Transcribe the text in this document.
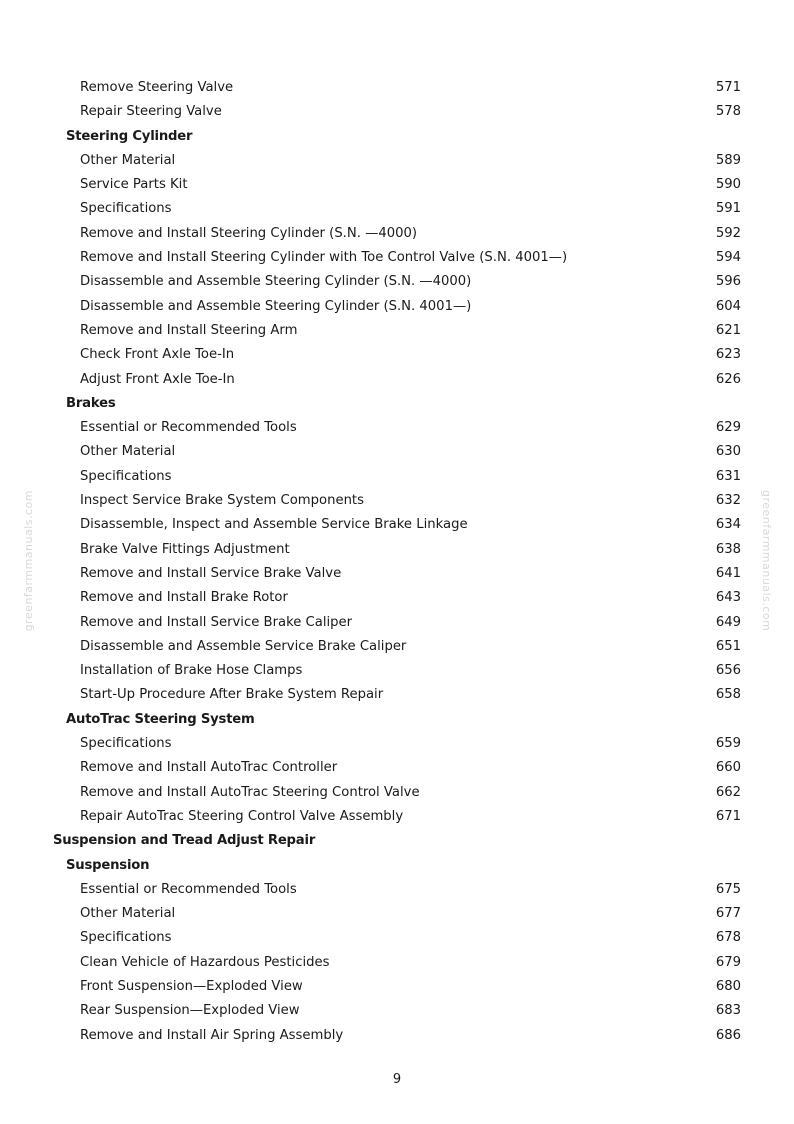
greenfarmmanuals.com	greenfarmmanuals.com
Remove Steering Valve	571
Repair Steering Valve	578
Steering Cylinder
Other Material	589
Service Parts Kit	590
Specifications	591
Remove and Install Steering Cylinder (S.N. —4000)	592
Remove and Install Steering Cylinder with Toe Control Valve (S.N. 4001—)	594
Disassemble and Assemble Steering Cylinder (S.N. —4000)	596
Disassemble and Assemble Steering Cylinder (S.N. 4001—)	604
Remove and Install Steering Arm	621
Check Front Axle Toe-In	623
Adjust Front Axle Toe-In	626
Brakes
Essential or Recommended Tools	629
Other Material	630
Specifications	631
Inspect Service Brake System Components	632
Disassemble, Inspect and Assemble Service Brake Linkage	634
Brake Valve Fittings Adjustment	638
Remove and Install Service Brake Valve	641
Remove and Install Brake Rotor	643
Remove and Install Service Brake Caliper	649
Disassemble and Assemble Service Brake Caliper	651
Installation of Brake Hose Clamps	656
Start-Up Procedure After Brake System Repair	658
AutoTrac Steering System
Specifications	659
Remove and Install AutoTrac Controller	660
Remove and Install AutoTrac Steering Control Valve	662
Repair AutoTrac Steering Control Valve Assembly	671
Suspension and Tread Adjust Repair
Suspension
Essential or Recommended Tools	675
Other Material	677
Specifications	678
Clean Vehicle of Hazardous Pesticides	679
Front Suspension—Exploded View	680
Rear Suspension—Exploded View	683
Remove and Install Air Spring Assembly	686
9
